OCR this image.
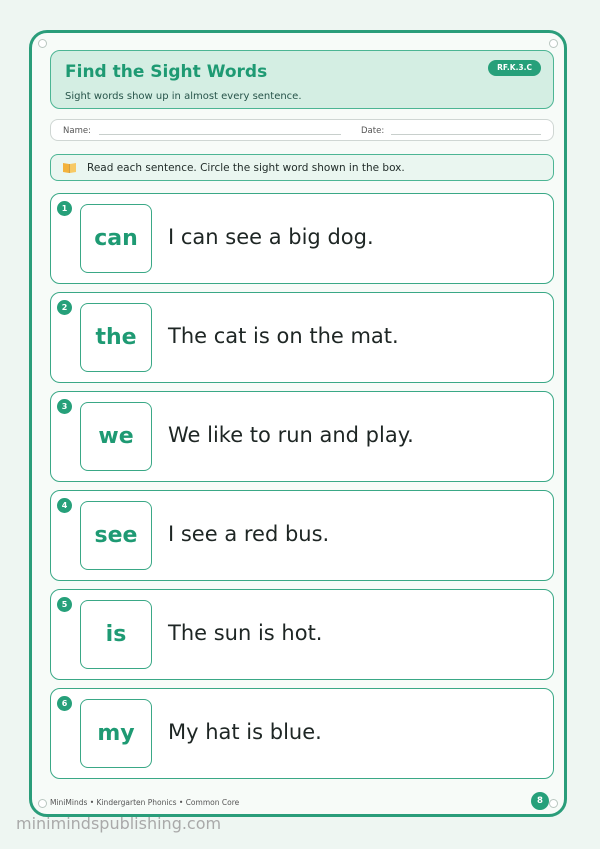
Find the Sight Words
Sight words show up in almost every sentence.
RF.K.3.C
Name:	Date:
Read each sentence. Circle the sight word shown in the box.
1
can	I can see a big dog.
2
the	The cat is on the mat.
3
we	We like to run and play.
4
see	I see a red bus.
5
is	The sun is hot.
6
my	My hat is blue.
MiniMinds • Kindergarten Phonics • Common Core	8
minimindspublishing.com
